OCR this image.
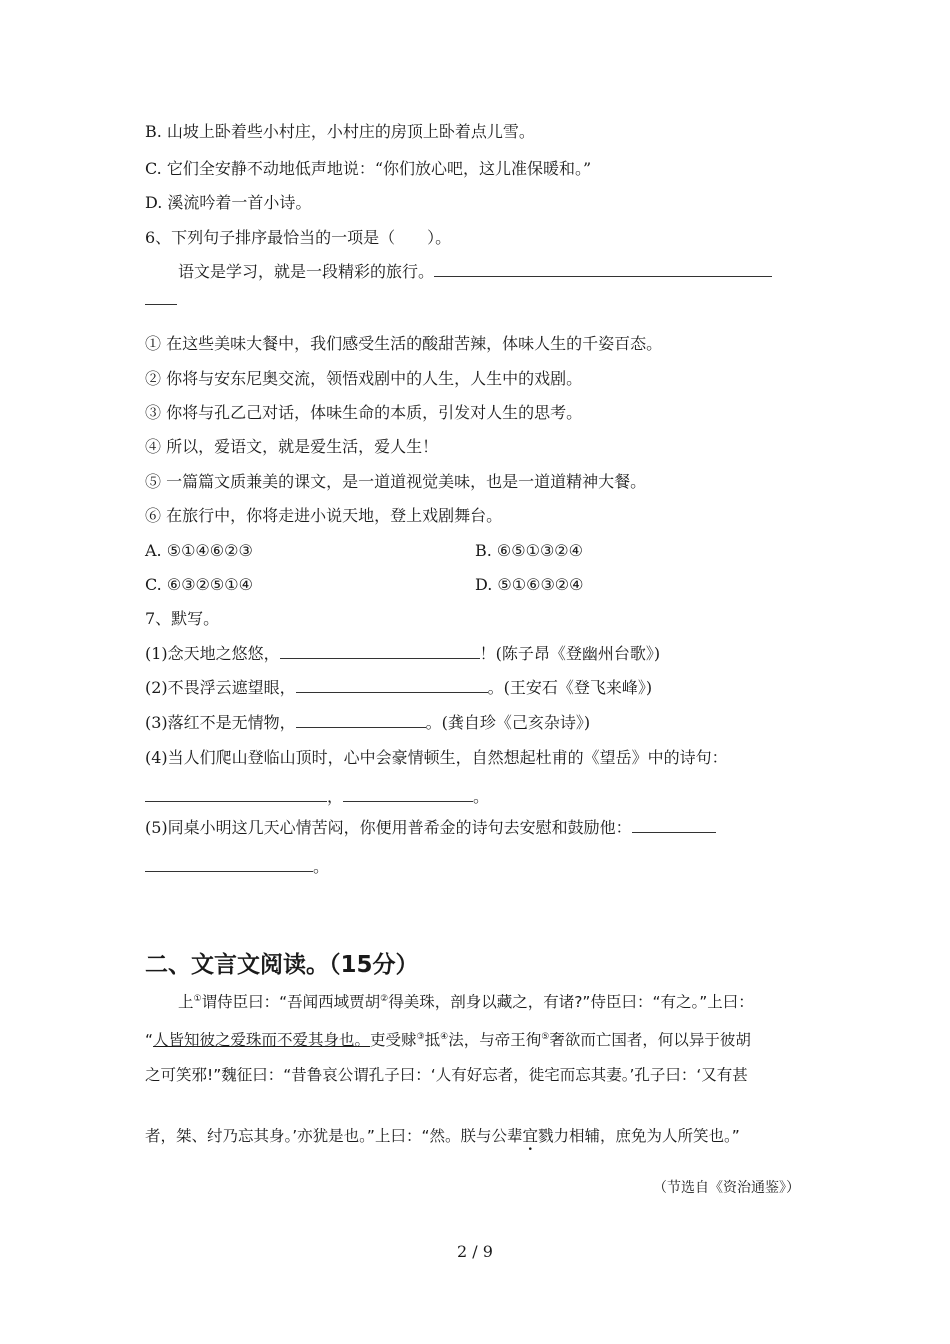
B. 山坡上卧着些小村庄，小村庄的房顶上卧着点儿雪。
C. 它们全安静不动地低声地说：“你们放心吧，这儿准保暖和。”
D. 溪流吟着一首小诗。
6、下列句子排序最恰当的一项是（　　）。
语文是学习，就是一段精彩的旅行。
① 在这些美味大餐中，我们感受生活的酸甜苦辣，体味人生的千姿百态。
② 你将与安东尼奥交流，领悟戏剧中的人生，人生中的戏剧。
③ 你将与孔乙己对话，体味生命的本质，引发对人生的思考。
④ 所以，爱语文，就是爱生活，爱人生！
⑤ 一篇篇文质兼美的课文，是一道道视觉美味，也是一道道精神大餐。
⑥ 在旅行中，你将走进小说天地，登上戏剧舞台。
A. ⑤①④⑥②③	B. ⑥⑤①③②④
C. ⑥③②⑤①④	D. ⑤①⑥③②④
7、默写。
(1)念天地之悠悠，	！(陈子昂《登幽州台歌》)
(2)不畏浮云遮望眼，	。(王安石《登飞来峰》)
(3)落红不是无情物，	。(龚自珍《己亥杂诗》)
(4)当人们爬山登临山顶时，心中会豪情顿生，自然想起杜甫的《望岳》中的诗句：
，	。
(5)同桌小明这几天心情苦闷，你便用普希金的诗句去安慰和鼓励他：
。
二、文言文阅读。（15分）
上①谓侍臣曰：“吾闻西域贾胡②得美珠，剖身以藏之，有诸?”侍臣曰：“有之。”上曰：
“人皆知彼之爱珠而不爱其身也。吏受赇③抵④法，与帝王徇⑤奢欲而亡国者，何以异于彼胡
之可笑邪!”魏征曰：“昔鲁哀公谓孔子曰：‘人有好忘者，徙宅而忘其妻。’孔子曰：‘又有甚
者，桀、纣乃忘其身。’亦犹是也。”上曰：“然。朕与公辈宜戮力相辅，庶免为人所笑也。”
（节选自《资治通鉴》）
2 / 9
